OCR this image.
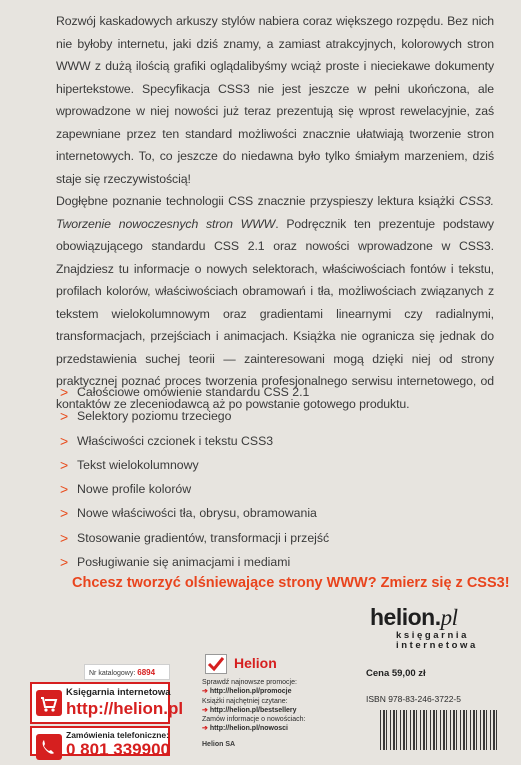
Rozwój kaskadowych arkuszy stylów nabiera coraz większego rozpędu. Bez nich nie byłoby internetu, jaki dziś znamy, a zamiast atrakcyjnych, kolorowych stron WWW z dużą ilością grafiki oglądalibyśmy wciąż proste i nieciekawe dokumenty hipertekstowe. Specyfikacja CSS3 nie jest jeszcze w pełni ukończona, ale wprowadzone w niej nowości już teraz prezentują się wprost rewelacyjnie, zaś zapewniane przez ten standard możliwości znacznie ułatwiają tworzenie stron internetowych. To, co jeszcze do niedawna było tylko śmiałym marzeniem, dziś staje się rzeczywistością!

Dogłębne poznanie technologii CSS znacznie przyspieszy lektura książki CSS3. Tworzenie nowoczesnych stron WWW. Podręcznik ten prezentuje podstawy obowiązującego standardu CSS 2.1 oraz nowości wprowadzone w CSS3. Znajdziesz tu informacje o nowych selektorach, właściwościach fontów i tekstu, profilach kolorów, właściwościach obramowań i tła, możliwościach związanych z tekstem wielokolumnowym oraz gradientami linearnymi czy radialnymi, transformacjach, przejściach i animacjach. Książka nie ogranicza się jednak do przedstawienia suchej teorii — zainteresowani mogą dzięki niej od strony praktycznej poznać proces tworzenia profesjonalnego serwisu internetowego, od kontaktów ze zleceniodawcą aż po powstanie gotowego produktu.

> Całościowe omówienie standardu CSS 2.1
> Selektory poziomu trzeciego
> Właściwości czcionek i tekstu CSS3
> Tekst wielokolumnowy
> Nowe profile kolorów
> Nowe właściwości tła, obrysu, obramowania
> Stosowanie gradientów, transformacji i przejść
> Posługiwanie się animacjami i mediami
Chcesz tworzyć olśniewające strony WWW? Zmierz się z CSS3!
helion.pl
księgarnia
internetowa
Nr katalogowy: 6894
Księgarnia internetowa
http://helion.pl
Zamówienia telefoniczne:
0 801 339900
Helion
Sprawdź najnowsze promocje:
➔ http://helion.pl/promocje
Książki najchętniej czytane:
➔ http://helion.pl/bestsellery
Zamów informacje o nowościach:
➔ http://helion.pl/nowosci
Helion SA
Cena 59,00 zł
ISBN 978-83-246-3722-5
